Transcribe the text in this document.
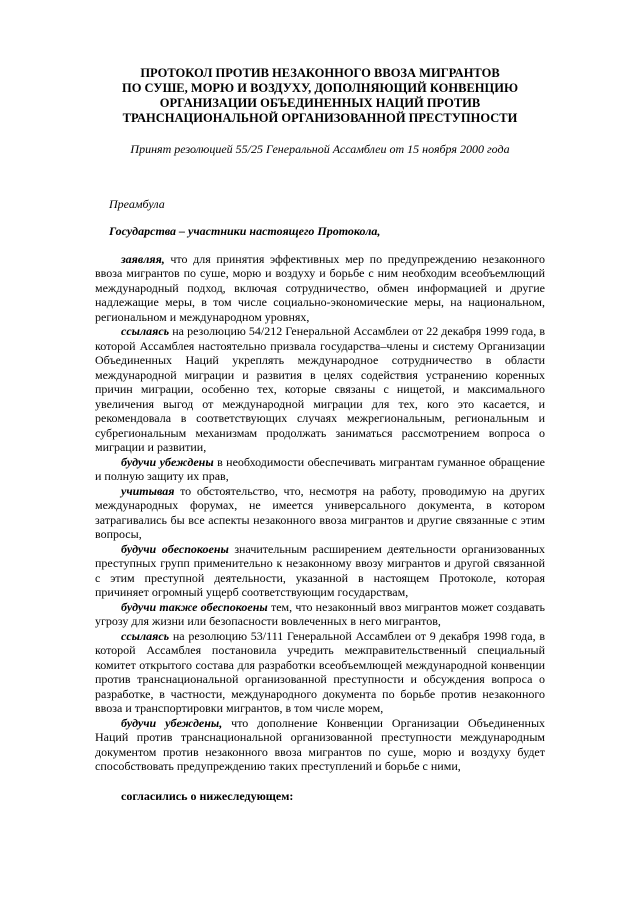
ПРОТОКОЛ ПРОТИВ НЕЗАКОННОГО ВВОЗА МИГРАНТОВ
ПО СУШЕ, МОРЮ И ВОЗДУХУ, ДОПОЛНЯЮЩИЙ КОНВЕНЦИЮ
ОРГАНИЗАЦИИ ОБЪЕДИНЕННЫХ НАЦИЙ ПРОТИВ
ТРАНСНАЦИОНАЛЬНОЙ ОРГАНИЗОВАННОЙ ПРЕСТУПНОСТИ
Принят резолюцией 55/25 Генеральной Ассамблеи от 15 ноября 2000 года
Преамбула
Государства – участники настоящего Протокола,

заявляя, что для принятия эффективных мер по предупреждению незаконного ввоза мигрантов по суше, морю и воздуху и борьбе с ним необходим всеобъемлющий международный подход, включая сотрудничество, обмен информацией и другие надлежащие меры, в том числе социально-экономические меры, на национальном, региональном и международном уровнях,

ссылаясь на резолюцию 54/212 Генеральной Ассамблеи от 22 декабря 1999 года, в которой Ассамблея настоятельно призвала государства–члены и систему Организации Объединенных Наций укреплять международное сотрудничество в области международной миграции и развития в целях содействия устранению коренных причин миграции, особенно тех, которые связаны с нищетой, и максимального увеличения выгод от международной миграции для тех, кого это касается, и рекомендовала в соответствующих случаях межрегиональным, региональным и субрегиональным механизмам продолжать заниматься рассмотрением вопроса о миграции и развитии,

будучи убеждены в необходимости обеспечивать мигрантам гуманное обращение и полную защиту их прав,

учитывая то обстоятельство, что, несмотря на работу, проводимую на других международных форумах, не имеется универсального документа, в котором затрагивались бы все аспекты незаконного ввоза мигрантов и другие связанные с этим вопросы,

будучи обеспокоены значительным расширением деятельности организованных преступных групп применительно к незаконному ввозу мигрантов и другой связанной с этим преступной деятельности, указанной в настоящем Протоколе, которая причиняет огромный ущерб соответствующим государствам,

будучи также обеспокоены тем, что незаконный ввоз мигрантов может создавать угрозу для жизни или безопасности вовлеченных в него мигрантов,

ссылаясь на резолюцию 53/111 Генеральной Ассамблеи от 9 декабря 1998 года, в которой Ассамблея постановила учредить межправительственный специальный комитет открытого состава для разработки всеобъемлющей международной конвенции против транснациональной организованной преступности и обсуждения вопроса о разработке, в частности, международного документа по борьбе против незаконного ввоза и транспортировки мигрантов, в том числе морем,

будучи убеждены, что дополнение Конвенции Организации Объединенных Наций против транснациональной организованной преступности международным документом против незаконного ввоза мигрантов по суше, морю и воздуху будет способствовать предупреждению таких преступлений и борьбе с ними,

согласились о нижеследующем:
